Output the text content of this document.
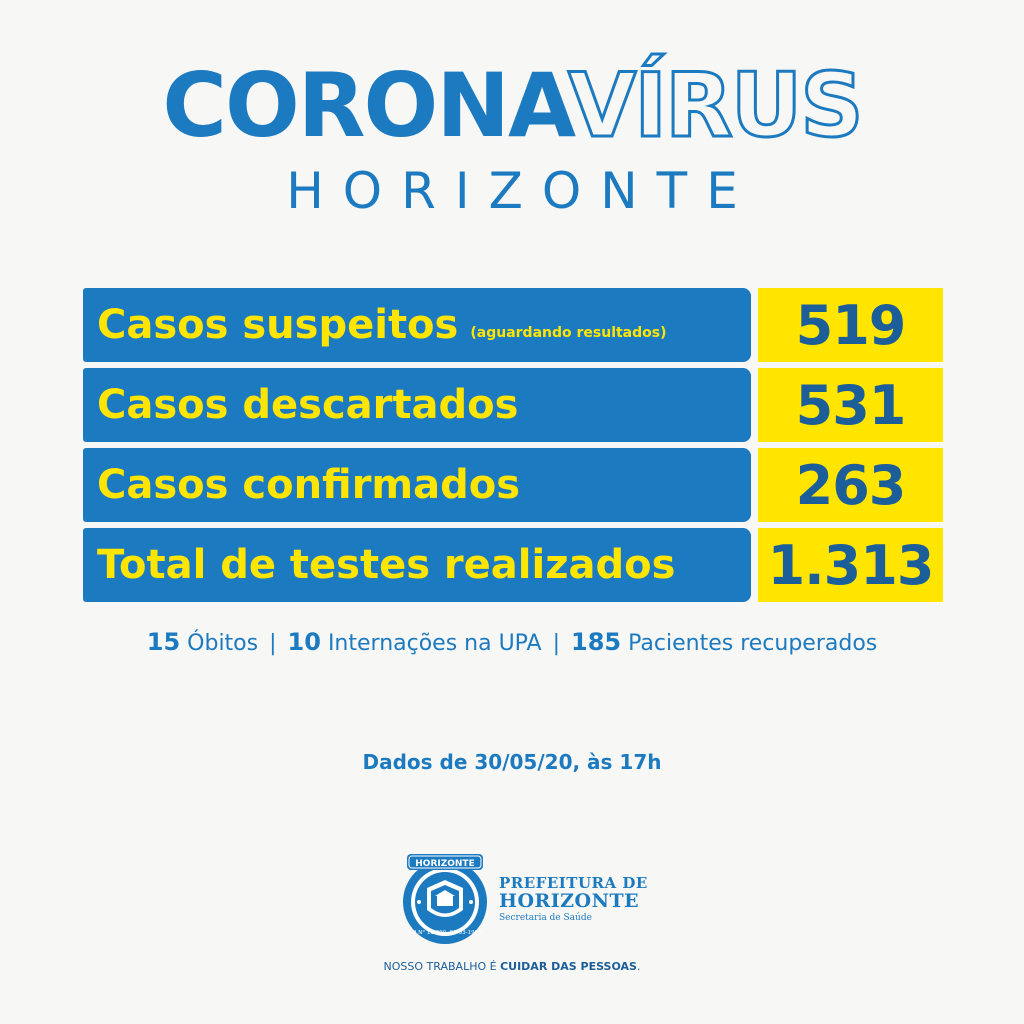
CORONAVÍRUS
HORIZONTE
Casos suspeitos (aguardando resultados) 519
Casos descartados	531
Casos confirmados	263
Total de testes realizados 1.313
15 Óbitos | 10 Internações na UPA | 185 Pacientes recuperados
Dados de 30/05/20, às 17h
HORIZONTE
LEI N° 11.300, 06-03-1987
PREFEITURA DE
HORIZONTE
Secretaria de Saúde
NOSSO TRABALHO É CUIDAR DAS PESSOAS.
